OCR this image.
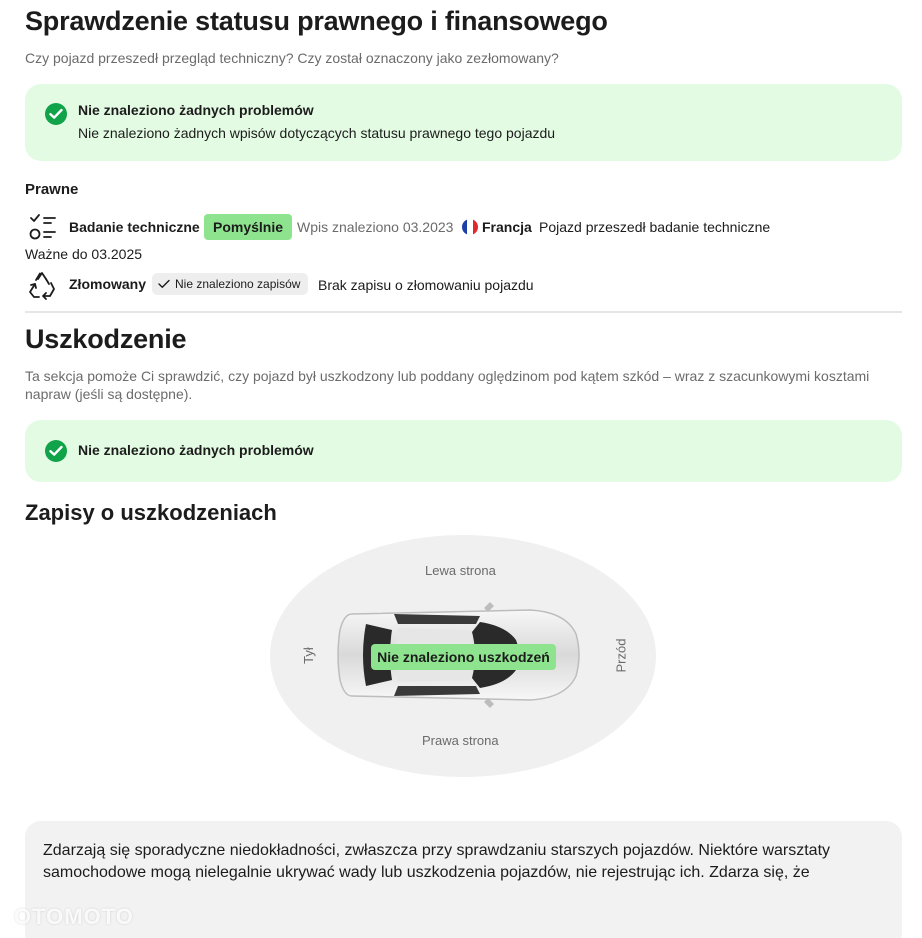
Sprawdzenie statusu prawnego i finansowego

Czy pojazd przeszedł przegląd techniczny? Czy został oznaczony jako zezłomowany?

Nie znaleziono żadnych problemów
Nie znaleziono żadnych wpisów dotyczących statusu prawnego tego pojazdu
Prawne
Badanie techniczne Pomyślnie Wpis znaleziono 03.2023 Francja Pojazd przeszedł badanie techniczne
Ważne do 03.2025
Złomowany Nie znaleziono zapisów Brak zapisu o złomowaniu pojazdu
Uszkodzenie

Ta sekcja pomoże Ci sprawdzić, czy pojazd był uszkodzony lub poddany oględzinom pod kątem szkód – wraz z szacunkowymi kosztami napraw (jeśli są dostępne).

Nie znaleziono żadnych problemów
Zapisy o uszkodzeniach
Lewa strona
Prawa strona
Tył	Przód
Nie znaleziono uszkodzeń

Zdarzają się sporadyczne niedokładności, zwłaszcza przy sprawdzaniu starszych pojazdów. Niektóre warsztaty samochodowe mogą nielegalnie ukrywać wady lub uszkodzenia pojazdów, nie rejestrując ich. Zdarza się, że

OTOMOTO
